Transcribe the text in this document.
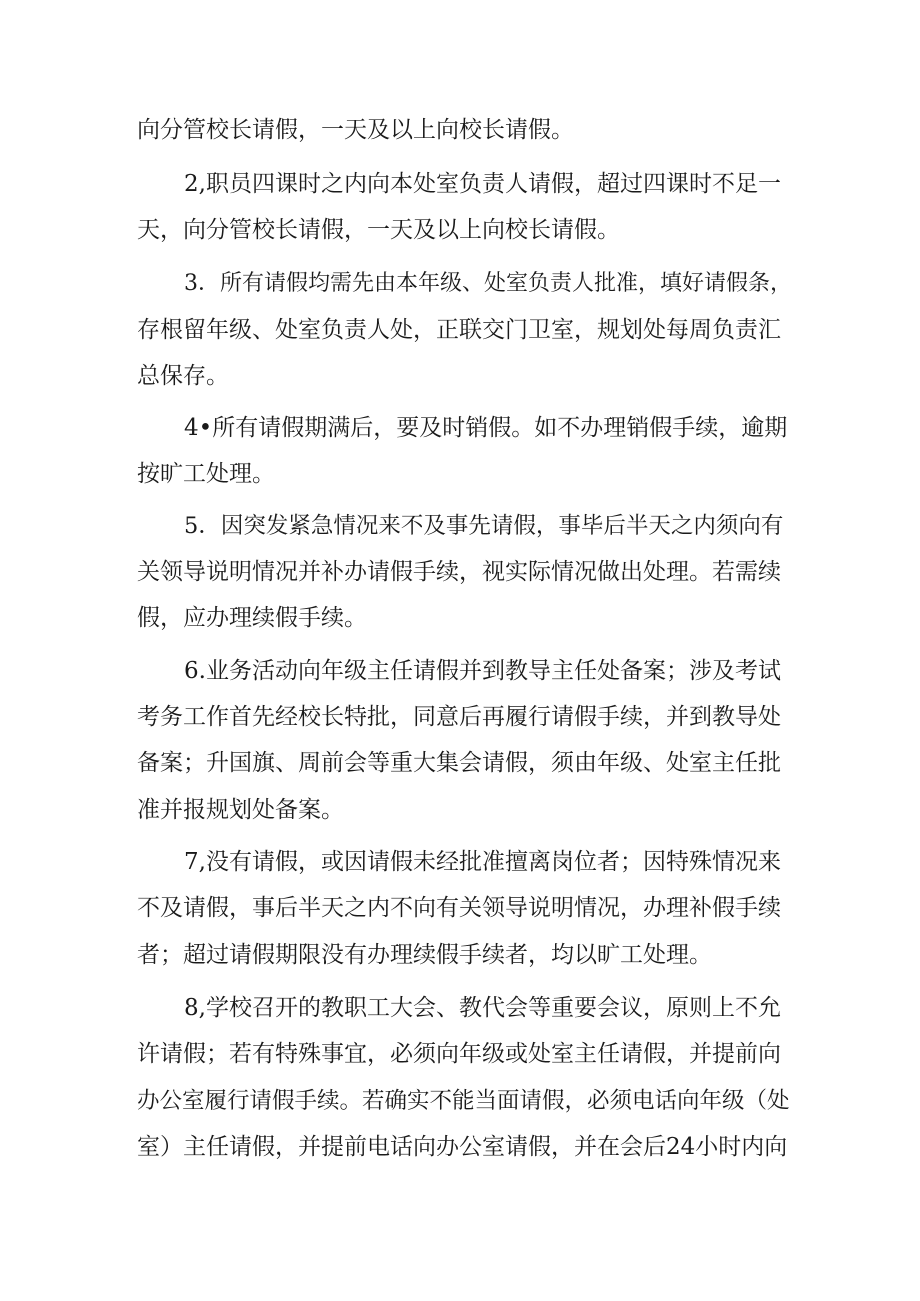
向分管校长请假，一天及以上向校长请假。
2,职员四课时之内向本处室负责人请假，超过四课时不足一
天，向分管校长请假，一天及以上向校长请假。
3．所有请假均需先由本年级、处室负责人批准，填好请假条，
存根留年级、处室负责人处，正联交门卫室，规划处每周负责汇
总保存。
4•所有请假期满后，要及时销假。如不办理销假手续，逾期
按旷工处理。
5．因突发紧急情况来不及事先请假，事毕后半天之内须向有
关领导说明情况并补办请假手续，视实际情况做出处理。若需续
假，应办理续假手续。
6.业务活动向年级主任请假并到教导主任处备案；涉及考试
考务工作首先经校长特批，同意后再履行请假手续，并到教导处
备案；升国旗、周前会等重大集会请假，须由年级、处室主任批
准并报规划处备案。
7,没有请假，或因请假未经批准擅离岗位者；因特殊情况来
不及请假，事后半天之内不向有关领导说明情况，办理补假手续
者；超过请假期限没有办理续假手续者，均以旷工处理。
8,学校召开的教职工大会、教代会等重要会议，原则上不允
许请假；若有特殊事宜，必须向年级或处室主任请假，并提前向
办公室履行请假手续。若确实不能当面请假，必须电话向年级（处
室）主任请假，并提前电话向办公室请假，并在会后24小时内向
